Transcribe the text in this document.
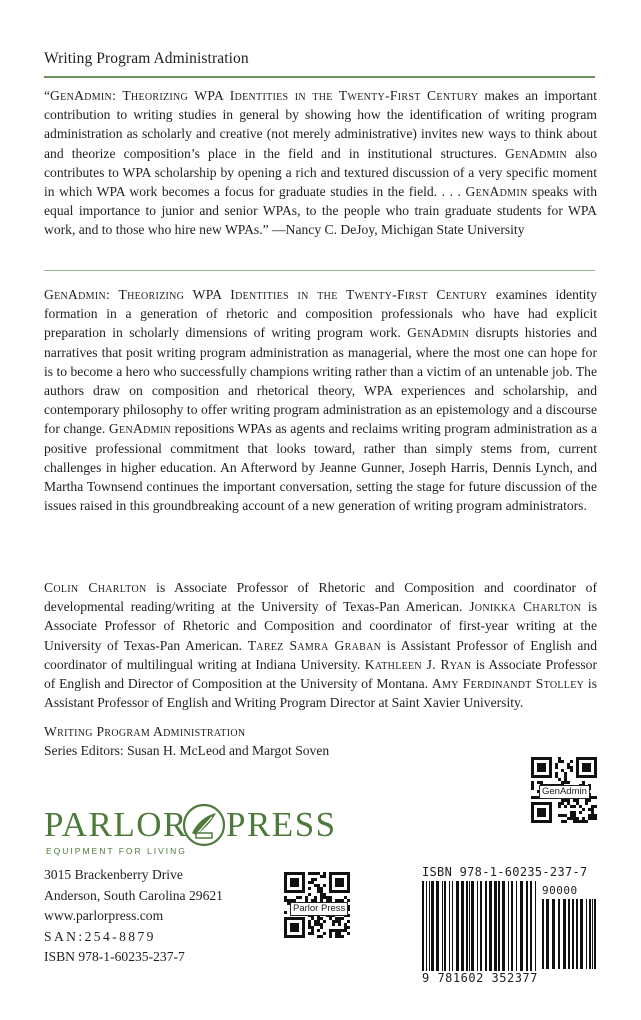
Writing Program Administration

“GenAdmin: Theorizing WPA Identities in the Twenty-First Century makes an important contribution to writing studies in general by showing how the identification of writing program administration as scholarly and creative (not merely administrative) invites new ways to think about and theorize composition’s place in the field and in institutional structures. GenAdmin also contributes to WPA scholarship by opening a rich and textured discussion of a very specific moment in which WPA work becomes a focus for graduate studies in the field. . . . GenAdmin speaks with equal importance to junior and senior WPAs, to the people who train graduate students for WPA work, and to those who hire new WPAs.” —Nancy C. DeJoy, Michigan State University

GenAdmin: Theorizing WPA Identities in the Twenty-First Century examines identity formation in a generation of rhetoric and composition professionals who have had explicit preparation in scholarly dimensions of writing program work. GenAdmin disrupts histories and narratives that posit writing program administration as managerial, where the most one can hope for is to become a hero who successfully champions writing rather than a victim of an untenable job. The authors draw on composition and rhetorical theory, WPA experiences and scholarship, and contemporary philosophy to offer writing program administration as an epistemology and a discourse for change. GenAdmin repositions WPAs as agents and reclaims writing program administration as a positive professional commitment that looks toward, rather than simply stems from, current challenges in higher education. An Afterword by Jeanne Gunner, Joseph Harris, Dennis Lynch, and Martha Townsend continues the important conversation, setting the stage for future discussion of the issues raised in this groundbreaking account of a new generation of writing program administrators.

Colin Charlton is Associate Professor of Rhetoric and Composition and coordinator of developmental reading/writing at the University of Texas-Pan American. Jonikka Charlton is Associate Professor of Rhetoric and Composition and coordinator of first-year writing at the University of Texas-Pan American. Tarez Samra Graban is Assistant Professor of English and coordinator of multilingual writing at Indiana University. Kathleen J. Ryan is Associate Professor of English and Director of Composition at the University of Montana. Amy Ferdinandt Stolley is Assistant Professor of English and Writing Program Director at Saint Xavier University.

Writing Program Administration
Series Editors: Susan H. McLeod and Margot Soven
PARLOR PRESS
EQUIPMENT FOR LIVING
3015 Brackenberry Drive
Anderson, South Carolina 29621
www.parlorpress.com
SAN:254-8879
ISBN 978-1-60235-237-7
GenAdmin
Parlor Press
ISBN 978-1-60235-237-7
90000
9 781602 352377
